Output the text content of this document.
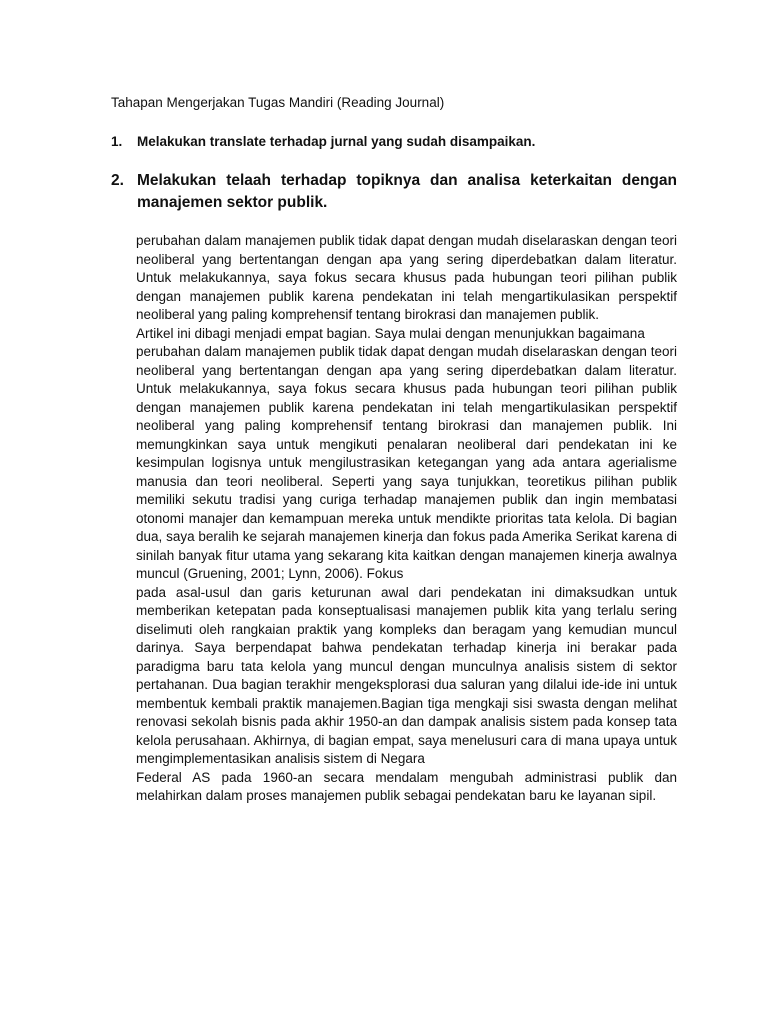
Tahapan Mengerjakan Tugas Mandiri (Reading Journal)
1. Melakukan translate terhadap jurnal yang sudah disampaikan.
2. Melakukan telaah terhadap topiknya dan analisa keterkaitan dengan manajemen sektor publik.

perubahan dalam manajemen publik tidak dapat dengan mudah diselaraskan dengan teori neoliberal yang bertentangan dengan apa yang sering diperdebatkan dalam literatur. Untuk melakukannya, saya fokus secara khusus pada hubungan teori pilihan publik dengan manajemen publik karena pendekatan ini telah mengartikulasikan perspektif neoliberal yang paling komprehensif tentang birokrasi dan manajemen publik.

Artikel ini dibagi menjadi empat bagian. Saya mulai dengan menunjukkan bagaimana

perubahan dalam manajemen publik tidak dapat dengan mudah diselaraskan dengan teori neoliberal yang bertentangan dengan apa yang sering diperdebatkan dalam literatur. Untuk melakukannya, saya fokus secara khusus pada hubungan teori pilihan publik dengan manajemen publik karena pendekatan ini telah mengartikulasikan perspektif neoliberal yang paling komprehensif tentang birokrasi dan manajemen publik. Ini memungkinkan saya untuk mengikuti penalaran neoliberal dari pendekatan ini ke kesimpulan logisnya untuk mengilustrasikan ketegangan yang ada antara agerialisme manusia dan teori neoliberal. Seperti yang saya tunjukkan, teoretikus pilihan publik memiliki sekutu tradisi yang curiga terhadap manajemen publik dan ingin membatasi otonomi manajer dan kemampuan mereka untuk mendikte prioritas tata kelola. Di bagian dua, saya beralih ke sejarah manajemen kinerja dan fokus pada Amerika Serikat karena di sinilah banyak fitur utama yang sekarang kita kaitkan dengan manajemen kinerja awalnya muncul (Gruening, 2001; Lynn, 2006). Fokus

pada asal-usul dan garis keturunan awal dari pendekatan ini dimaksudkan untuk memberikan ketepatan pada konseptualisasi manajemen publik kita yang terlalu sering diselimuti oleh rangkaian praktik yang kompleks dan beragam yang kemudian muncul darinya. Saya berpendapat bahwa pendekatan terhadap kinerja ini berakar pada paradigma baru tata kelola yang muncul dengan munculnya analisis sistem di sektor pertahanan. Dua bagian terakhir mengeksplorasi dua saluran yang dilalui ide-ide ini untuk membentuk kembali praktik manajemen.Bagian tiga mengkaji sisi swasta dengan melihat renovasi sekolah bisnis pada akhir 1950-an dan dampak analisis sistem pada konsep tata kelola perusahaan. Akhirnya, di bagian empat, saya menelusuri cara di mana upaya untuk mengimplementasikan analisis sistem di Negara

Federal AS pada 1960-an secara mendalam mengubah administrasi publik dan melahirkan dalam proses manajemen publik sebagai pendekatan baru ke layanan sipil.
